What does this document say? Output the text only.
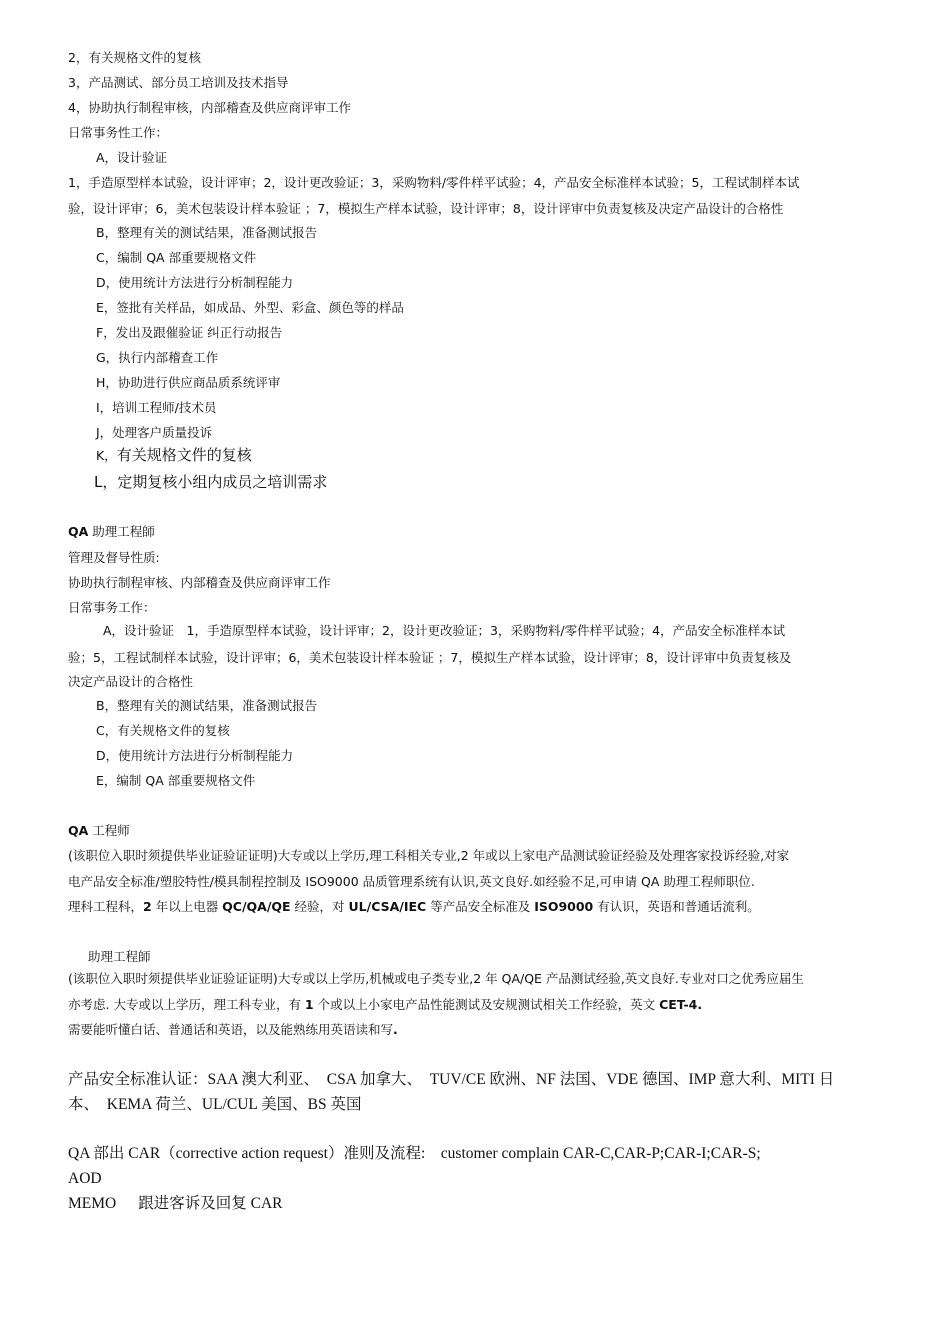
2，有关规格文件的复核
3，产品测试、部分员工培训及技术指导
4，协助执行制程审核，内部稽查及供应商评审工作
日常事务性工作：
A，设计验证
1，手造原型样本试验，设计评审；2，设计更改验证；3，采购物料/零件样平试验；4，产品安全标准样本试验；5，工程试制样本试
验，设计评审；6，美术包装设计样本验证 ；7，模拟生产样本试验，设计评审；8，设计评审中负责复核及决定产品设计的合格性
B，整理有关的测试结果，准备测试报告
C，编制 QA 部重要规格文件
D，使用统计方法进行分析制程能力
E，签批有关样品，如成品、外型、彩盒、颜色等的样品
F，发出及跟催验证 纠正行动报告
G，执行内部稽查工作
H，协助进行供应商品质系统评审
I，培训工程师/技术员
J，处理客户质量投诉
K，有关规格文件的复核
L，定期复核小组内成员之培训需求
QA 助理工程師
管理及督导性质:
协助执行制程审核、内部稽查及供应商评审工作
日常事务工作：
A，设计验证　1，手造原型样本试验，设计评审；2，设计更改验证；3，采购物料/零件样平试验；4，产品安全标准样本试
验；5，工程试制样本试验，设计评审；6，美术包装设计样本验证 ；7，模拟生产样本试验，设计评审；8，设计评审中负责复核及
决定产品设计的合格性
B，整理有关的测试结果，准备测试报告
C，有关规格文件的复核
D，使用统计方法进行分析制程能力
E，编制 QA 部重要规格文件
QA 工程师
(该职位入职时须提供毕业证验证证明)大专或以上学历,理工科相关专业,2 年或以上家电产品测试验证经验及处理客家投诉经验,对家
电产品安全标准/塑胶特性/模具制程控制及 ISO9000 品质管理系统有认识,英文良好.如经验不足,可申请 QA 助理工程师职位.
理科工程科，2 年以上电器 QC/QA/QE 经验，对 UL/CSA/IEC 等产品安全标准及 ISO9000 有认识，英语和普通话流利。
助理工程師
(该职位入职时须提供毕业证验证证明)大专或以上学历,机械或电子类专业,2 年 QA/QE 产品测试经验,英文良好.专业对口之优秀应届生
亦考虑. 大专或以上学历，理工科专业，有 1 个或以上小家电产品性能测试及安规测试相关工作经验，英文 CET-4.
需要能听懂白话、普通话和英语，以及能熟练用英语读和写.
产品安全标准认证：SAA 澳大利亚、　CSA 加拿大、　TUV/CE 欧洲、NF 法国、VDE 德国、IMP 意大利、MITI 日
本、　KEMA 荷兰、UL/CUL 美国、BS 英国
QA 部出 CAR（corrective action request）准则及流程:　customer complain CAR-C,CAR-P;CAR-I;CAR-S;
AOD
MEMO 跟进客诉及回复 CAR
